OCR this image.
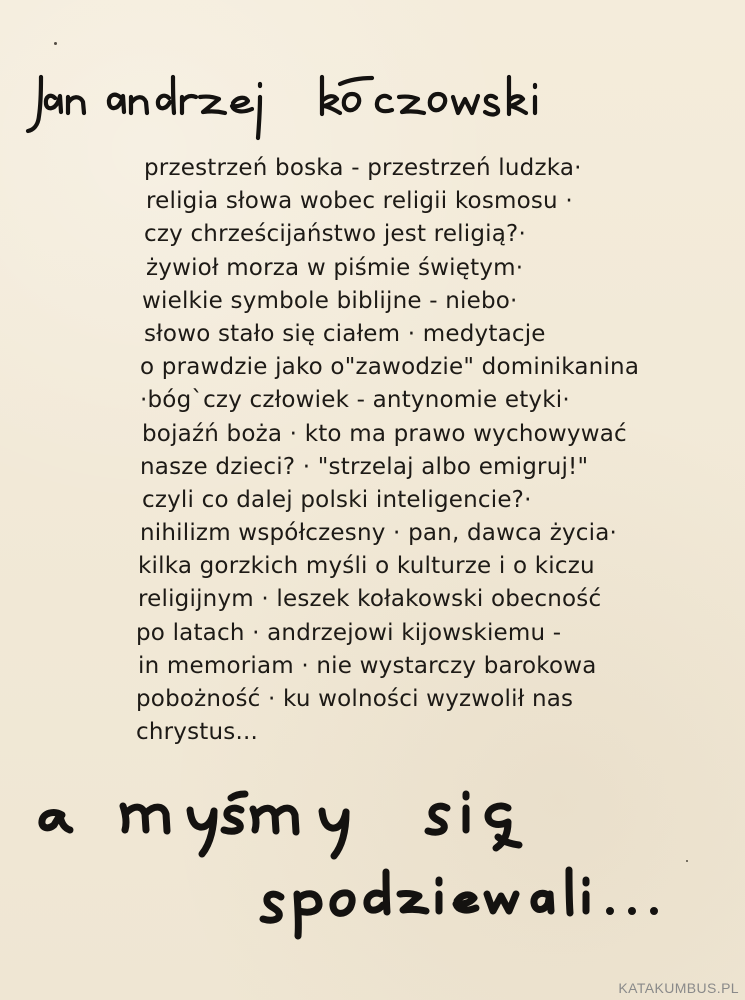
przestrzeń boska - przestrzeń ludzka·
religia słowa wobec religii kosmosu ·
czy chrześcijaństwo jest religią?·
żywioł morza w piśmie świętym·
wielkie symbole biblijne - niebo·
słowo stało się ciałem · medytacje
o prawdzie jako o"zawodzie" dominikanina
·bóg`czy człowiek - antynomie etyki·
bojaźń boża · kto ma prawo wychowywać
nasze dzieci? · "strzelaj albo emigruj!"
czyli co dalej polski inteligencie?·
nihilizm współczesny · pan, dawca życia·
kilka gorzkich myśli o kulturze i o kiczu
religijnym · leszek kołakowski obecność
po latach · andrzejowi kijowskiemu -
in memoriam · nie wystarczy barokowa
pobożność · ku wolności wyzwolił nas
chrystus...
KATAKUMBUS.PL
